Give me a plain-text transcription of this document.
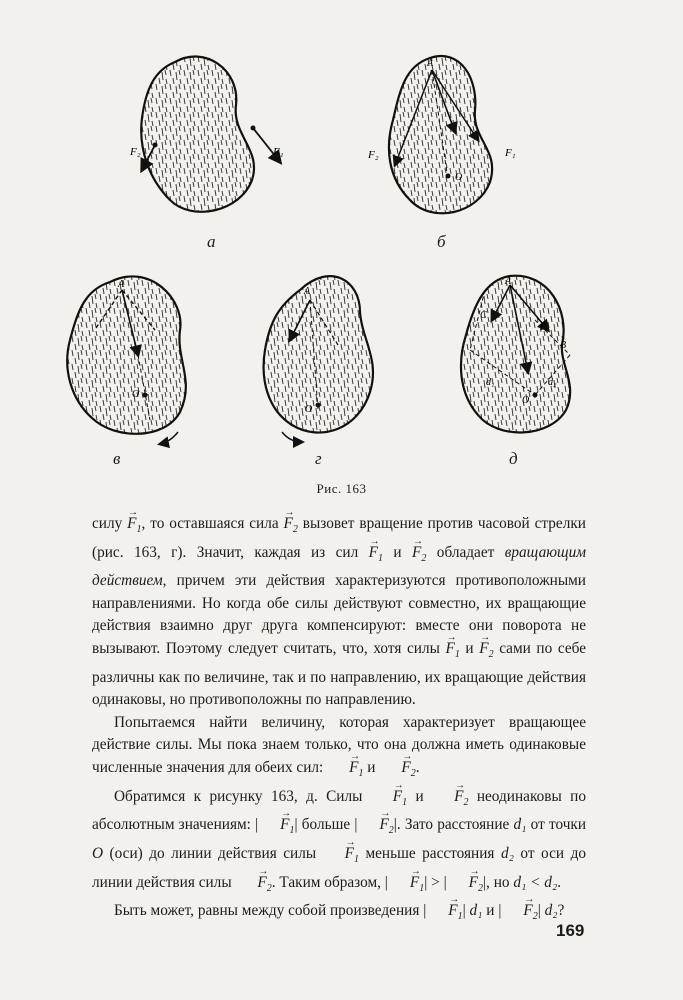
F₁
F₂
A
O
F₁
F₂
A
O
A
O
A
O
B
C
F
d₁	d₂
а	б
в	г	д
Рис. 163

силу → $F_1$, то оставшаяся сила → $F_2$ вызовет вращение против часовой стрелки (рис. 163, г). Значит, каждая из сил → $F_1$ $и \to F_2$ обладает вращающим действием, причем эти действия характеризуются противоположными направлениями. Но когда обе силы действуют совместно, их вращающие действия взаимно друг друга компенсируют: вместе они поворота не вызывают. Поэтому следует считать, что, хотя силы → $F_1$ $и \to F_2$ сами по себе различны как по величине, так и по направлению, их вращающие действия одинаковы, но противоположны по направлению.

Попытаемся найти величину, которая характеризует вращающее действие силы. Мы пока знаем только, что она должна иметь одинаковые численные значения для обеих сил: → $F_1$ $и \to F_2$.

Обратимся к рисунку 163, д. Силы → $F_1$ $и \to F_2$ неодинаковы по абсолютным значениям: | → $F_1|$ больше | → $F_2|$. Зато расстояние d₁ от точки O (оси) до линии действия силы → $F_1$ меньше расстояния d₂ от оси до линии действия силы → $F_2$. Таким образом, | → $F_1|$ > | → $F_2|$, но d₁ < d₂.

Быть может, равны между собой произведения | → $F_1|$ d₁ и | → $F_2|$ d₂?

169
